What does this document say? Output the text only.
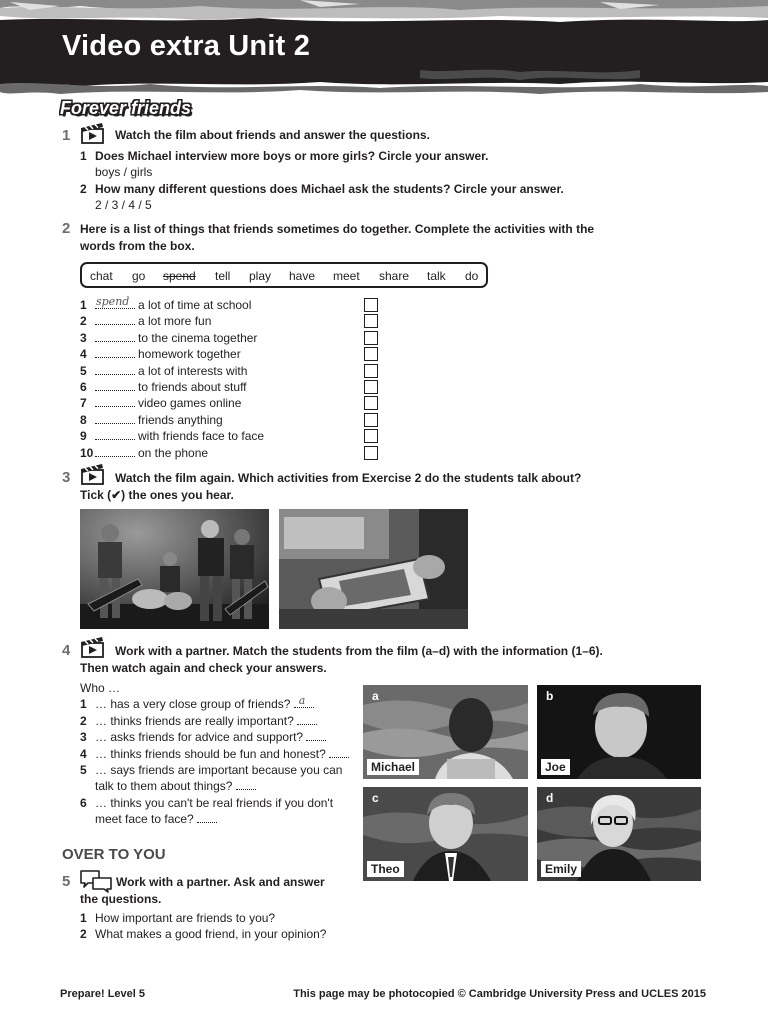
Video extra Unit 2
Forever friends
1	Watch the film about friends and answer the questions.
1 Does Michael interview more boys or more girls? Circle your answer.
boys / girls
2 How many different questions does Michael ask the students? Circle your answer.
2 / 3 / 4 / 5
2 Here is a list of things that friends sometimes do together. Complete the activities with the
words from the box.
chat go spend tell play have meet share talk do
1 spend a lot of time at school
2	a lot more fun
3	to the cinema together
4	homework together
5	a lot of interests with
6	to friends about stuff
7	video games online
8	friends anything
9	with friends face to face
10	on the phone
3	Watch the film again. Which activities from Exercise 2 do the students talk about?
Tick (✔) the ones you hear.
4	Work with a partner. Match the students from the film (a–d) with the information (1–6).
Then watch again and check your answers.
Who …
1 … has a very close group of friends? a
2 … thinks friends are really important?
3 … asks friends for advice and support?
4 … thinks friends should be fun and honest?
5 … says friends are important because you can
talk to them about things?
6 … thinks you can't be real friends if you don't
meet face to face?
a
Michael
b
Joe
c
Theo
d
Emily
OVER TO YOU
5	Work with a partner. Ask and answer
the questions.
1 How important are friends to you?
2 What makes a good friend, in your opinion?
Prepare! Level 5	This page may be photocopied © Cambridge University Press and UCLES 2015
